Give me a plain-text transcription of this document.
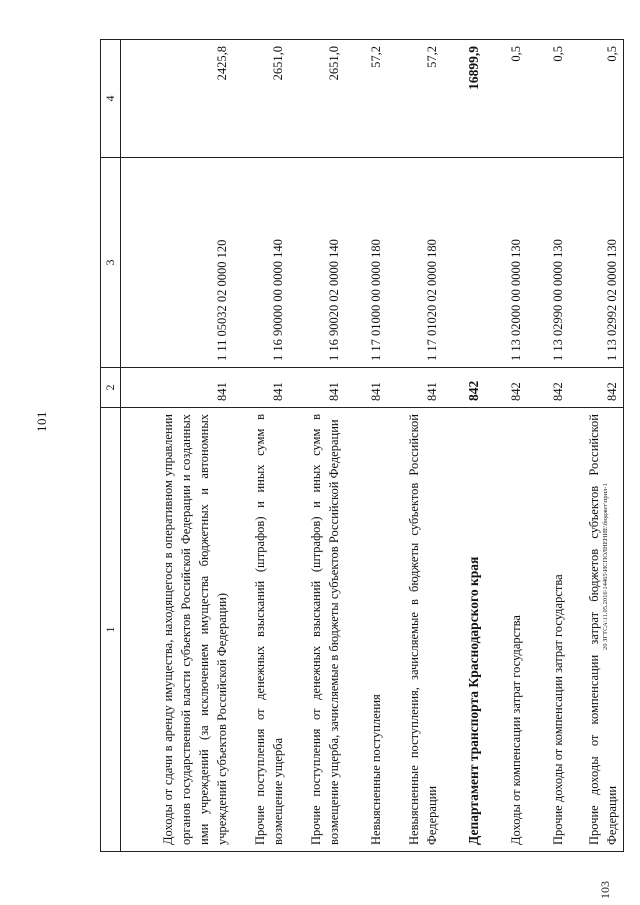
101
1	2	3	4
Доходы от сдачи в аренду имущества, находящегося в оперативном управлении органов государственной власти субъектов Российской Федерации и созданных ими учреждений (за исключением имущества бюджетных и автономных учреждений субъектов Российской Федерации)	841	1 11 05032 02 0000 120	2425,8
Прочие поступления от денежных взысканий (штрафов) и иных сумм в возмещение ущерба	841	1 16 90000 00 0000 140	2651,0
Прочие поступления от денежных взысканий (штрафов) и иных сумм в возмещение ущерба, зачисляемые в бюджеты субъектов Российской Федерации	841	1 16 90020 02 0000 140	2651,0
Невыясненные поступления	841	1 17 01000 00 0000 180	57,2
Невыясненные поступления, зачисляемые в бюджеты субъектов Российской Федерации	841	1 17 01020 02 0000 180	57,2
Департамент транспорта Краснодарского края	842		16899,9
Доходы от компенсации затрат государства	842	1 13 02000 00 0000 130	0,5
Прочие доходы от компенсации затрат государства	842	1 13 02990 00 0000 130	0,5
Прочие доходы от компенсации затрат бюджетов субъектов Российской Федерации	842	1 13 02992 02 0000 130	0,5
20 ЗГТСА\11.05.2016\14465\ИСПОЛНЕНИЕ\бюджет\прил-1
103
